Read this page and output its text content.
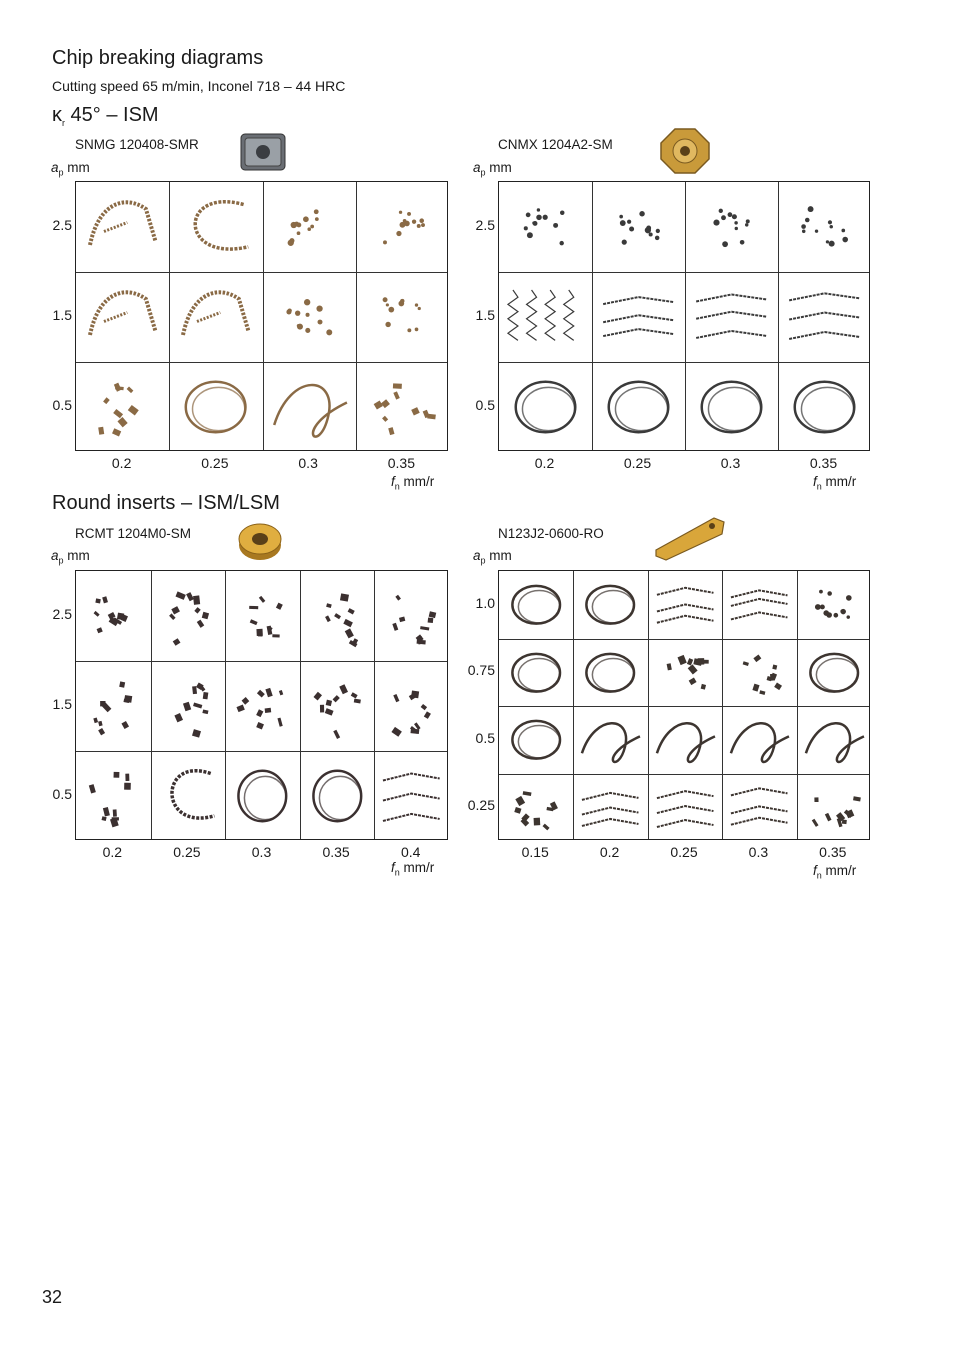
Chip breaking diagrams
Cutting speed 65 m/min, Inconel 718 – 44 HRC
$\kappa_r$ 45° – ISM
Round inserts – ISM/LSM
32
SNMG 120408-SMR
$a_p$ mm
$f_n$ mm/r
2.5
1.5
0.5
0.2	0.25	0.3	0.35
CNMX 1204A2-SM
$a_p$ mm
$f_n$ mm/r
2.5
1.5
0.5
0.2	0.25	0.3	0.35
RCMT 1204M0-SM
$a_p$ mm
$f_n$ mm/r
2.5
1.5
0.5
0.2	0.25	0.3	0.35	0.4
N123J2-0600-RO
$a_p$ mm
$f_n$ mm/r
1.0
0.75
0.5
0.25
0.15	0.2	0.25	0.3	0.35
